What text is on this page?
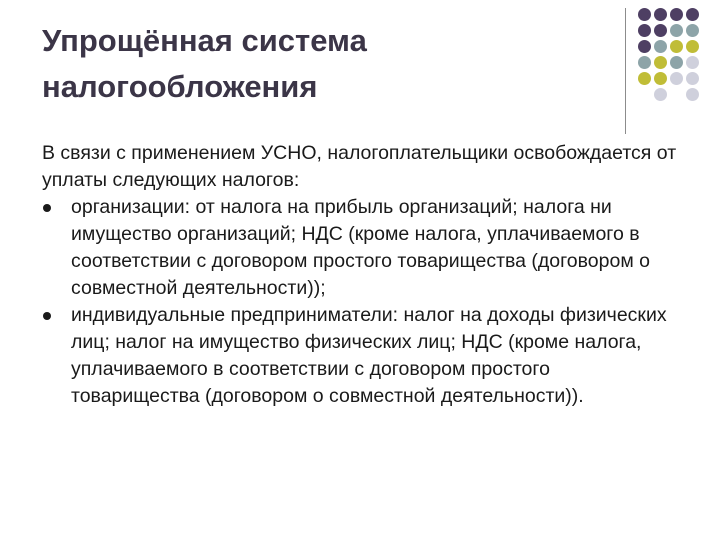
Упрощённая система
налогообложения

В связи с применением УСНО, налогоплательщики освобождается от уплаты следующих налогов:

организации: от налога на прибыль организаций; налога ни имущество организаций; НДС (кроме налога, уплачиваемого в соответствии с договором простого товарищества (договором о совместной деятельности));
индивидуальные предприниматели: налог на доходы физических лиц; налог на имущество физических лиц; НДС (кроме налога, уплачиваемого в соответствии с договором простого товарищества (договором о совместной деятельности)).
